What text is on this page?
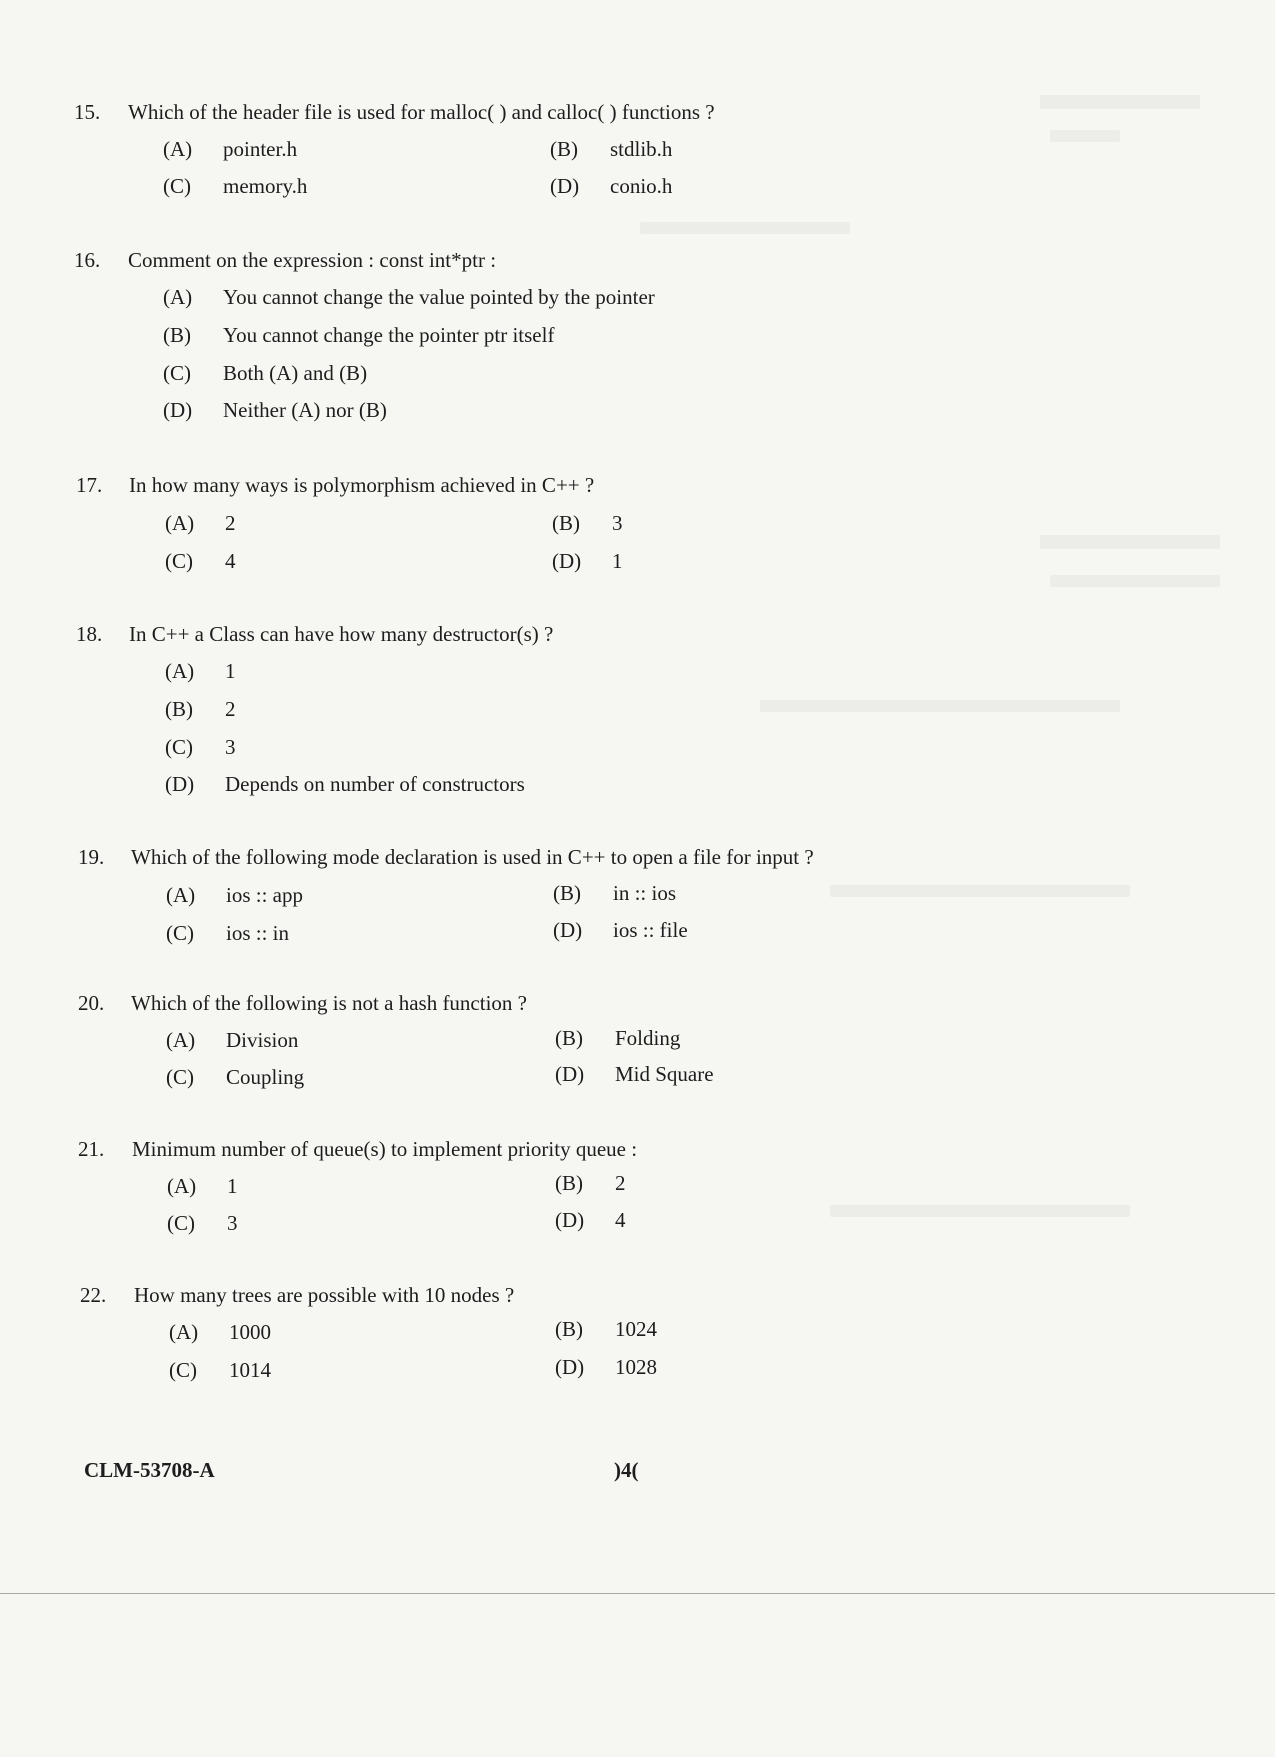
15.	Which of the header file is used for malloc( ) and calloc( ) functions ?
(A) pointer.h	(B) stdlib.h
(C) memory.h	(D) conio.h
16.	Comment on the expression : const int*ptr :
(A) You cannot change the value pointed by the pointer
(B) You cannot change the pointer ptr itself
(C) Both (A) and (B)
(D) Neither (A) nor (B)
17.	In how many ways is polymorphism achieved in C++ ?
(A) 2	(B) 3
(C) 4	(D) 1
18.	In C++ a Class can have how many destructor(s) ?
(A) 1
(B) 2
(C) 3
(D) Depends on number of constructors
19.	Which of the following mode declaration is used in C++ to open a file for input ?
(A) ios :: app	(B) in :: ios
(C) ios :: in	(D) ios :: file
20.	Which of the following is not a hash function ?
(A) Division	(B) Folding
(C) Coupling	(D) Mid Square
21.	Minimum number of queue(s) to implement priority queue :
(A) 1	(B) 2
(C) 3	(D) 4
22.	How many trees are possible with 10 nodes ?
(A) 1000	(B) 1024
(C) 1014	(D) 1028
CLM-53708-A	)4(
